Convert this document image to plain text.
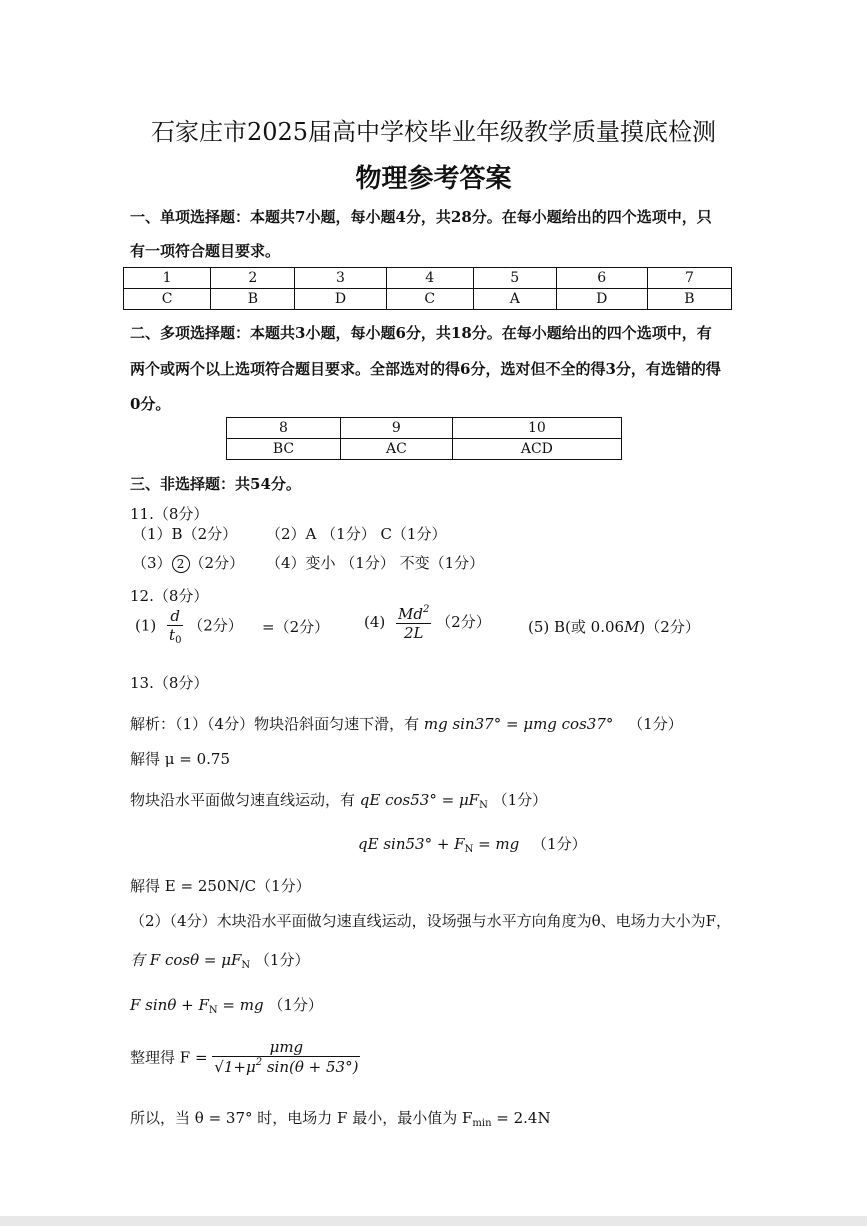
石家庄市2025届高中学校毕业年级教学质量摸底检测
物理参考答案
一、单项选择题：本题共7小题，每小题4分，共28分。在每小题给出的四个选项中，只
有一项符合题目要求。
1	2	3	4	5	6	7
C	B	D	C	A	D	B
二、多项选择题：本题共3小题，每小题6分，共18分。在每小题给出的四个选项中，有
两个或两个以上选项符合题目要求。全部选对的得6分，选对但不全的得3分，有选错的得
0分。
8	9	10
BC	AC	ACD
三、非选择题：共54分。
11.（8分）
（1）B（2分） （2）A （1分） C（1分）
（3） 2 （2分） （4）变小 （1分） 不变（1分）
12.（8分）
$(1) \frac{d}{t_0} (2$分） =（2分） $(4) \frac{Md^2}{2L} (2$分） (5) B(或 0.06M)（2分）
13.（8分）
解析：（1）（4分）物块沿斜面匀速下滑，有 mg sin37° = μmg cos37° （1分）
解得 μ = 0.75
物块沿水平面做匀速直线运动，有 qE $\cos 53^\circ = \mu F_N$ （1分）
qE $\sin 53^\circ + F_N$ = mg （1分）
解得 E = 250N/C（1分）
（2）（4分）木块沿水平面做匀速直线运动，设场强与水平方向角度为θ、电场力大小为F，
有 F $\cos\theta = \mu F_N$ （1分）
F $\sin\theta + F_N$ = mg （1分）
整理得 $F = \frac{\text{μmg}}{√1+\mu^2 \sin(\theta + 53^\circ)}$
所以，当 θ = 37° 时，电场力 F 最小，最小值为 $F_{min} = 2.4N$
